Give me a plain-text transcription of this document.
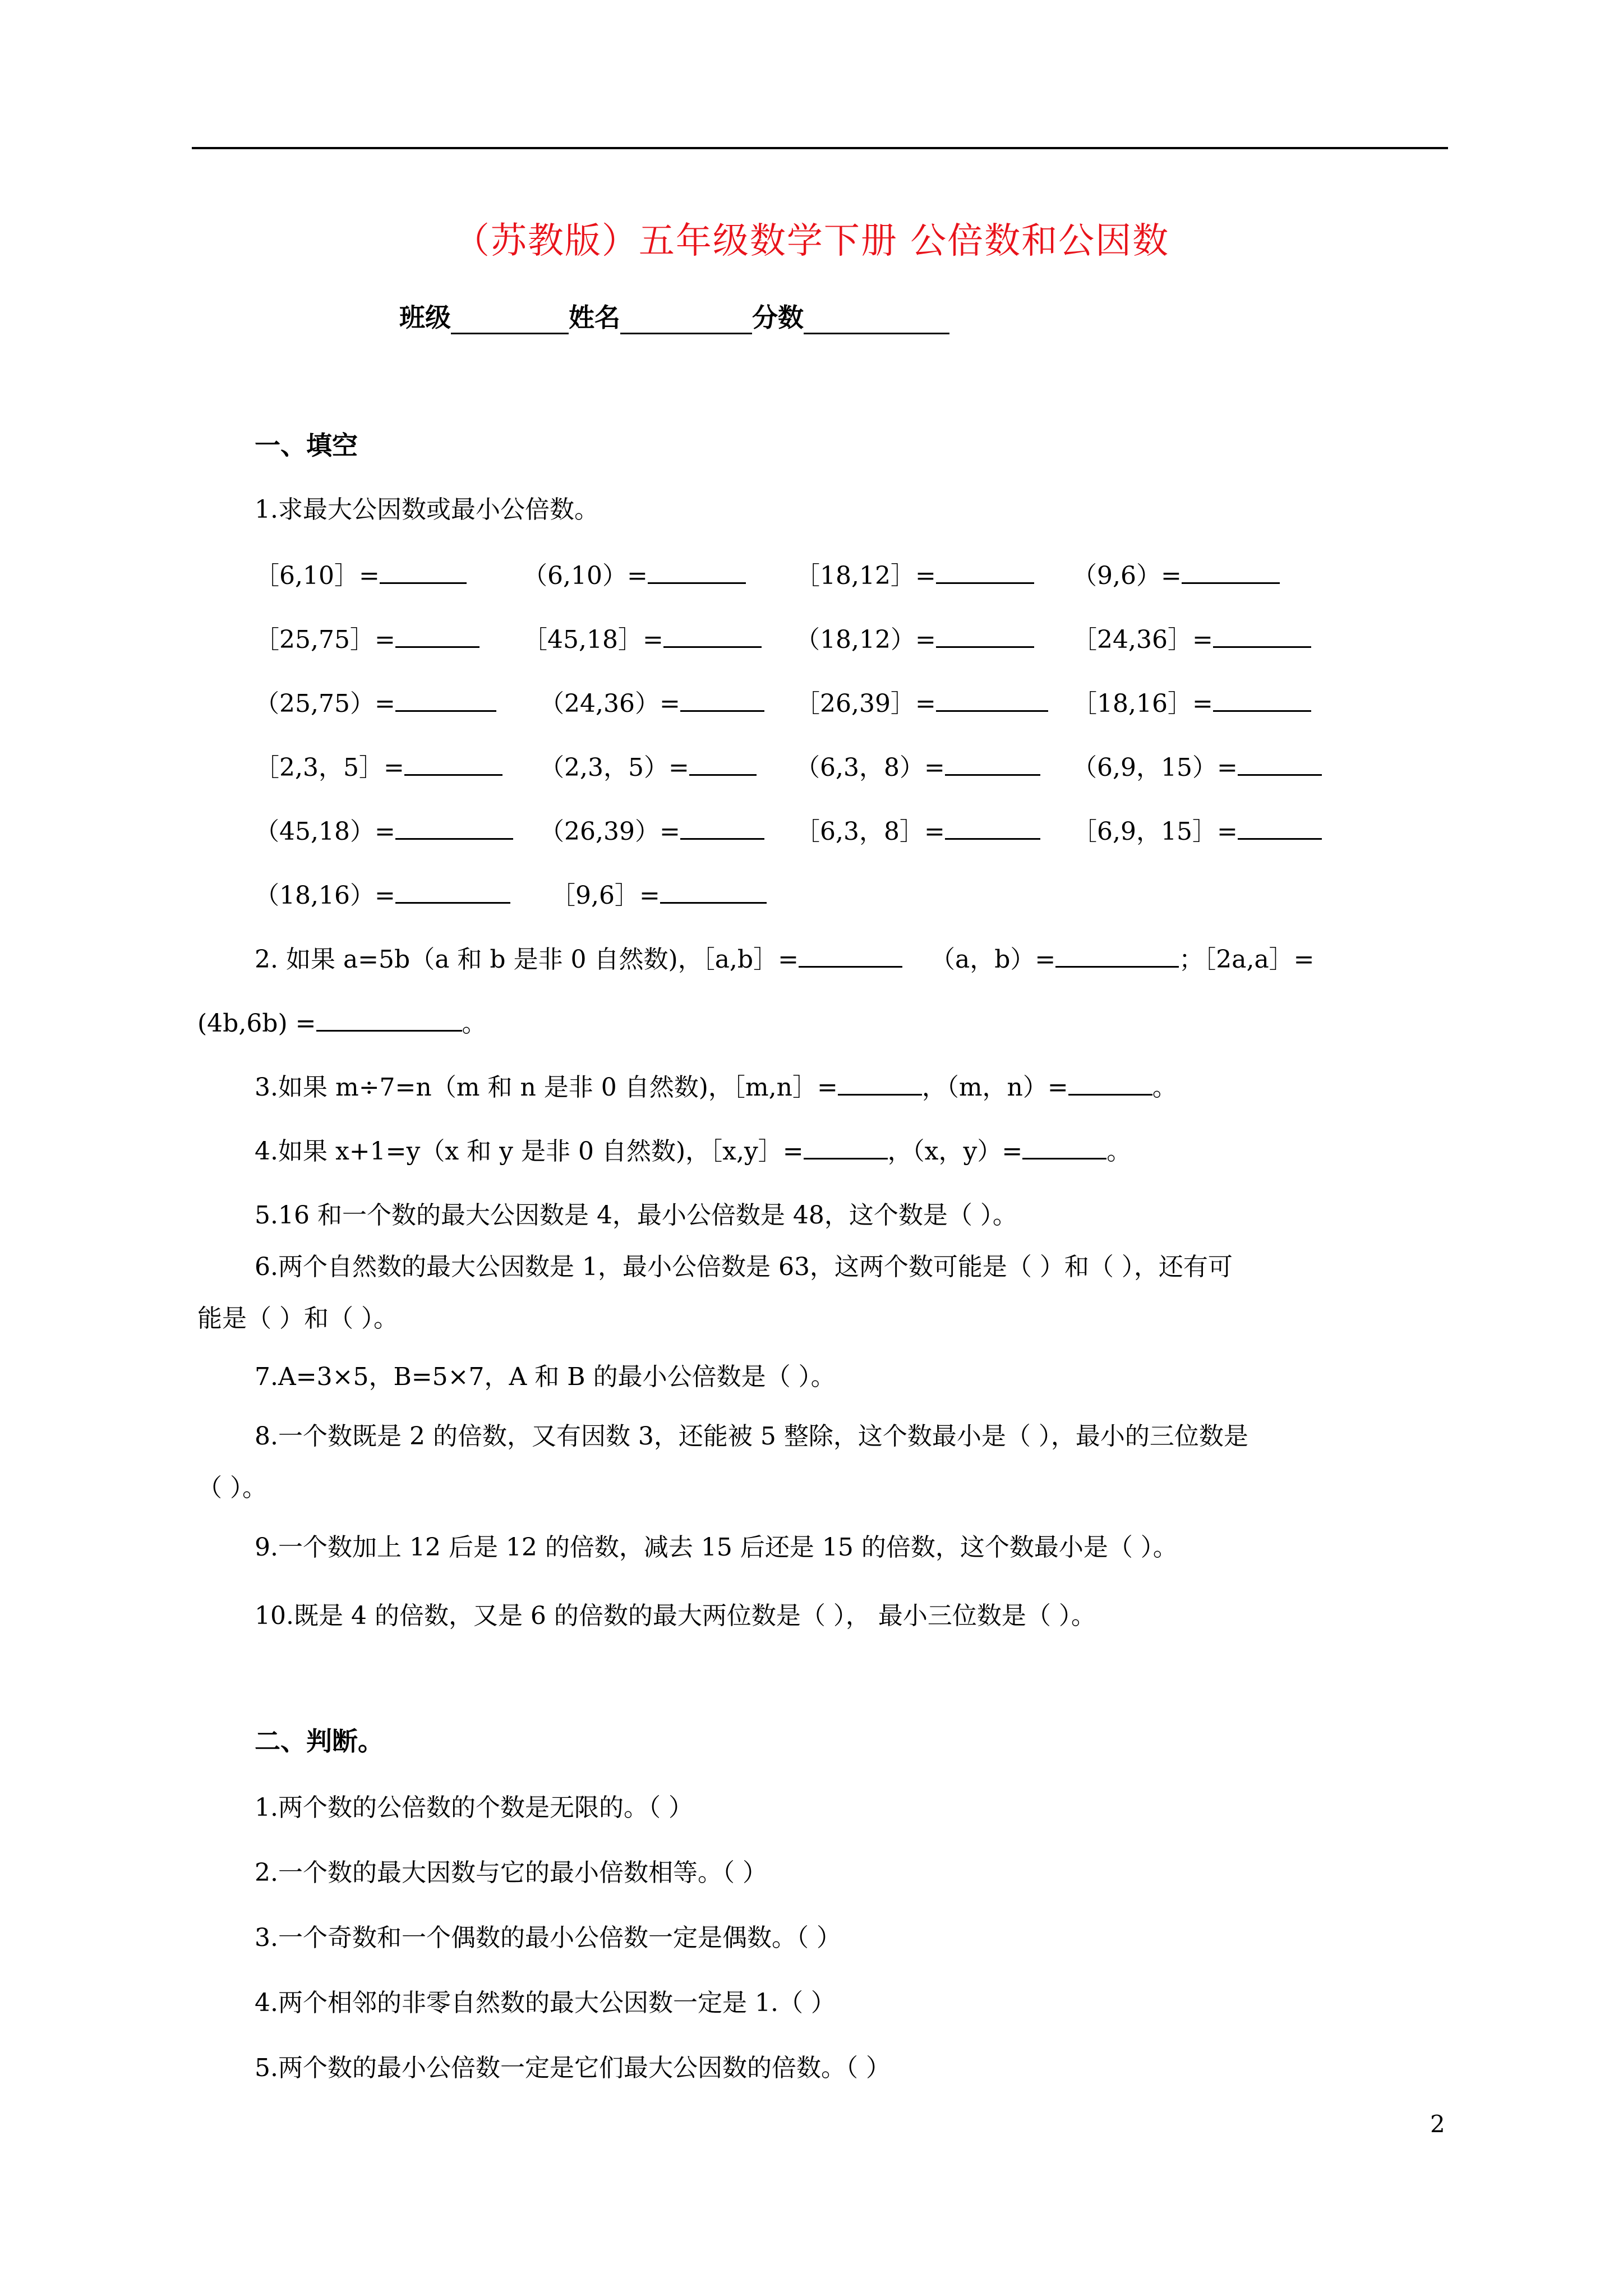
（苏教版）五年级数学下册 公倍数和公因数
班级	姓名	分数
一、填空
1.求最大公因数或最小公倍数。
［6,10］=	（6,10）=	［18,12］=	（9,6）=
［25,75］=	［45,18］=	（18,12）=	［24,36］=
（25,75）=	（24,36）=	［26,39］=	［18,16］=
［2,3，5］=	（2,3，5）=	（6,3，8）=	（6,9，15）=
（45,18）=	（26,39）=	［6,3，8］=	［6,9，15］=
（18,16）=	［9,6］=
2. 如果 a=5b（a 和 b 是非 0 自然数)，［a,b］=	（a，b）=	；［2a,a］=
(4b,6b) =	。
3.如果 m÷7=n（m 和 n 是非 0 自然数)，［m,n］=	，（m，n）=	。
4.如果 x+1=y（x 和 y 是非 0 自然数)，［x,y］=	，（x，y）=	。
5.16 和一个数的最大公因数是 4，最小公倍数是 48，这个数是（ ）。
6.两个自然数的最大公因数是 1，最小公倍数是 63，这两个数可能是（ ）和（ ），还有可
能是（ ）和（ ）。
7.A=3×5，B=5×7，A 和 B 的最小公倍数是（ ）。
8.一个数既是 2 的倍数，又有因数 3，还能被 5 整除，这个数最小是（ ），最小的三位数是
（ ）。
9.一个数加上 12 后是 12 的倍数，减去 15 后还是 15 的倍数，这个数最小是（ ）。
10.既是 4 的倍数，又是 6 的倍数的最大两位数是（ ）， 最小三位数是（ ）。
二、判断。
1.两个数的公倍数的个数是无限的。（ ）
2.一个数的最大因数与它的最小倍数相等。（ ）
3.一个奇数和一个偶数的最小公倍数一定是偶数。（ ）
4.两个相邻的非零自然数的最大公因数一定是 1.（ ）
5.两个数的最小公倍数一定是它们最大公因数的倍数。（ ）
2
